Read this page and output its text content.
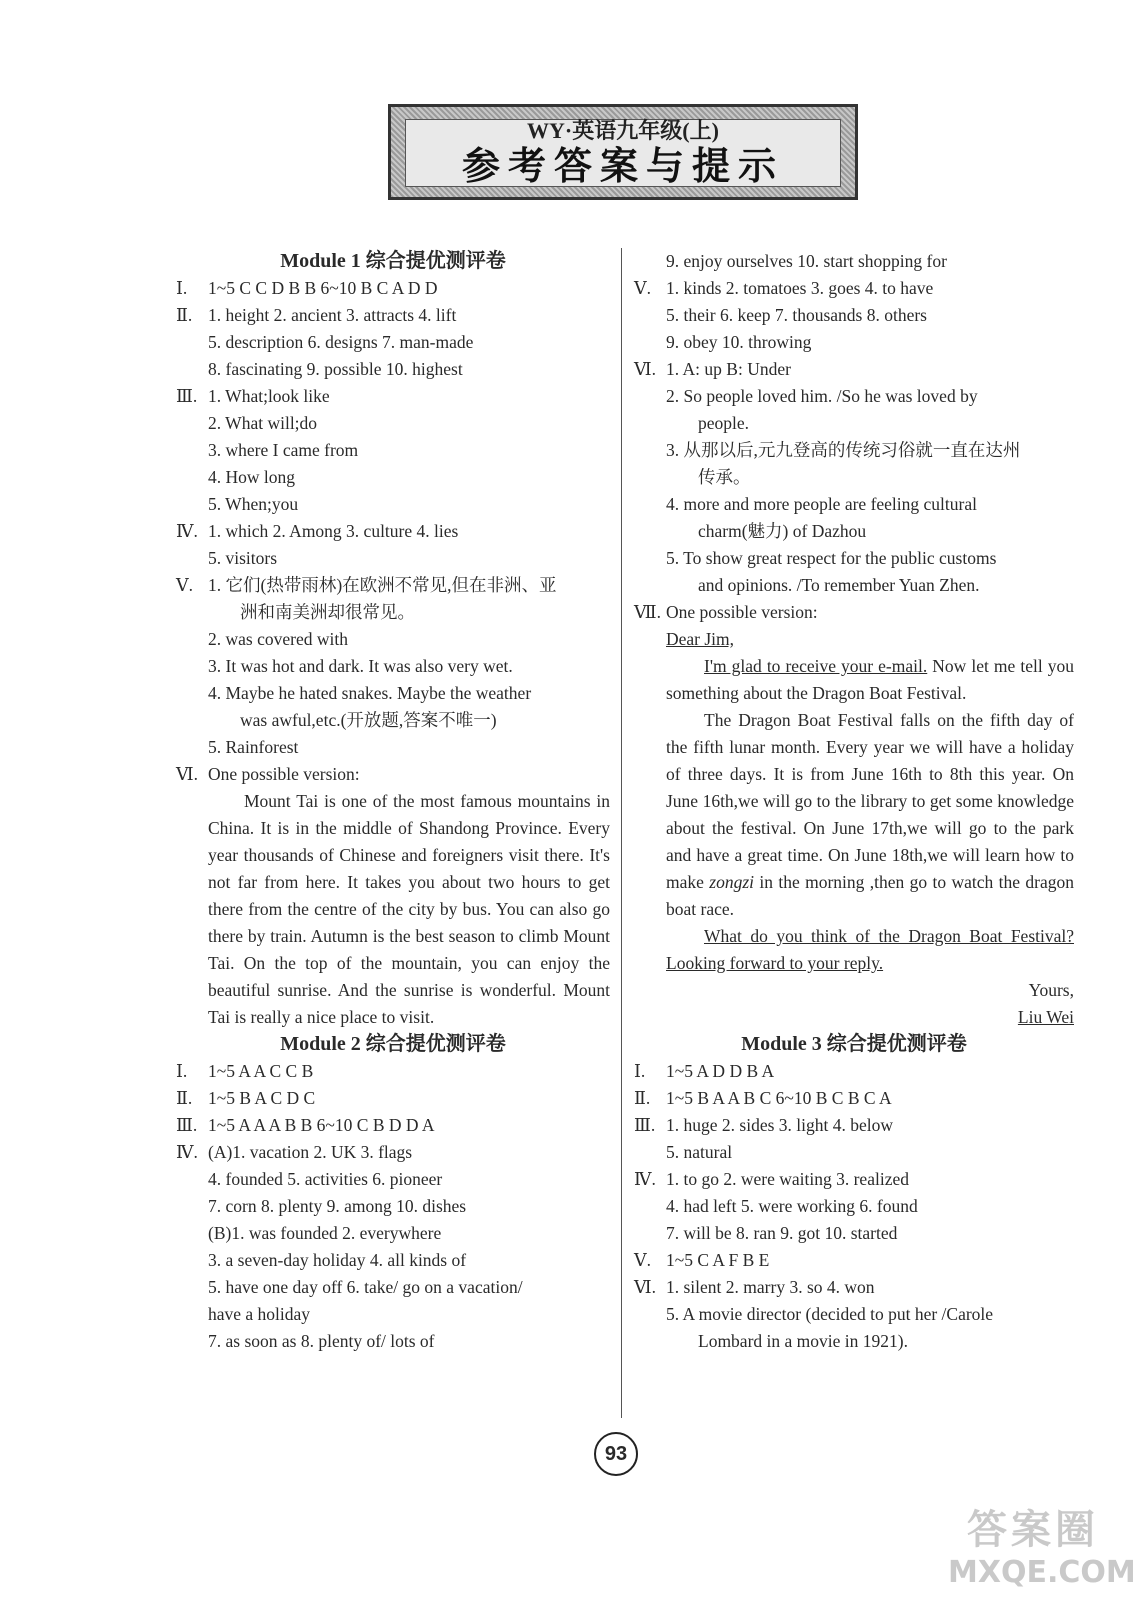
WY·英语九年级(上)
参考答案与提示
Module 1 综合提优测评卷
Ⅰ.	1~5 C C D B B 6~10 B C A D D
Ⅱ. 1. height 2. ancient 3. attracts 4. lift
5. description 6. designs 7. man-made
8. fascinating 9. possible 10. highest
Ⅲ. 1. What;look like
2. What will;do
3. where I came from
4. How long
5. When;you
Ⅳ. 1. which 2. Among 3. culture 4. lies
5. visitors
Ⅴ. 1. 它们(热带雨林)在欧洲不常见,但在非洲、亚
洲和南美洲却很常见。
2. was covered with
3. It was hot and dark. It was also very wet.
4. Maybe he hated snakes. Maybe the weather
was awful,etc.(开放题,答案不唯一)
5. Rainforest
Ⅵ. One possible version:

Mount Tai is one of the most famous mountains in China. It is in the middle of Shandong Province. Every year thousands of Chinese and foreigners visit there. It's not far from here. It takes you about two hours to get there from the centre of the city by bus. You can also go there by train. Autumn is the best season to climb Mount Tai. On the top of the mountain, you can enjoy the beautiful sunrise. And the sunrise is wonderful. Mount Tai is really a nice place to visit.

Module 2 综合提优测评卷
Ⅰ.	1~5 A A C C B
Ⅱ. 1~5 B A C D C
Ⅲ. 1~5 A A A B B 6~10 C B D D A
Ⅳ. (A)1. vacation 2. UK 3. flags
4. founded 5. activities 6. pioneer
7. corn 8. plenty 9. among 10. dishes
(B)1. was founded 2. everywhere
3. a seven-day holiday 4. all kinds of
5. have one day off 6. take/ go on a vacation/
have a holiday
7. as soon as 8. plenty of/ lots of
9. enjoy ourselves 10. start shopping for
Ⅴ. 1. kinds 2. tomatoes 3. goes 4. to have
5. their 6. keep 7. thousands 8. others
9. obey 10. throwing
Ⅵ. 1. A: up B: Under
2. So people loved him. /So he was loved by
people.
3. 从那以后,元九登高的传统习俗就一直在达州
传承。
4. more and more people are feeling cultural
charm(魅力) of Dazhou
5. To show great respect for the public customs
and opinions. /To remember Yuan Zhen.
Ⅶ. One possible version:

Dear Jim,

I'm glad to receive your e-mail. Now let me tell you something about the Dragon Boat Festival.

The Dragon Boat Festival falls on the fifth day of the fifth lunar month. Every year we will have a holiday of three days. It is from June 16th to 8th this year. On June 16th,we will go to the library to get some knowledge about the festival. On June 17th,we will go to the park and have a great time. On June 18th,we will learn how to make zongzi in the morning ,then go to watch the dragon boat race.

What do you think of the Dragon Boat Festival? Looking forward to your reply.

Yours,

Liu Wei

Module 3 综合提优测评卷
Ⅰ.	1~5 A D D B A
Ⅱ. 1~5 B A A B C 6~10 B C B C A
Ⅲ. 1. huge 2. sides 3. light 4. below
5. natural
Ⅳ. 1. to go 2. were waiting 3. realized
4. had left 5. were working 6. found
7. will be 8. ran 9. got 10. started
Ⅴ. 1~5 C A F B E
Ⅵ. 1. silent 2. marry 3. so 4. won
5. A movie director (decided to put her /Carole
Lombard in a movie in 1921).
93
答案圈
MXQE.COM
